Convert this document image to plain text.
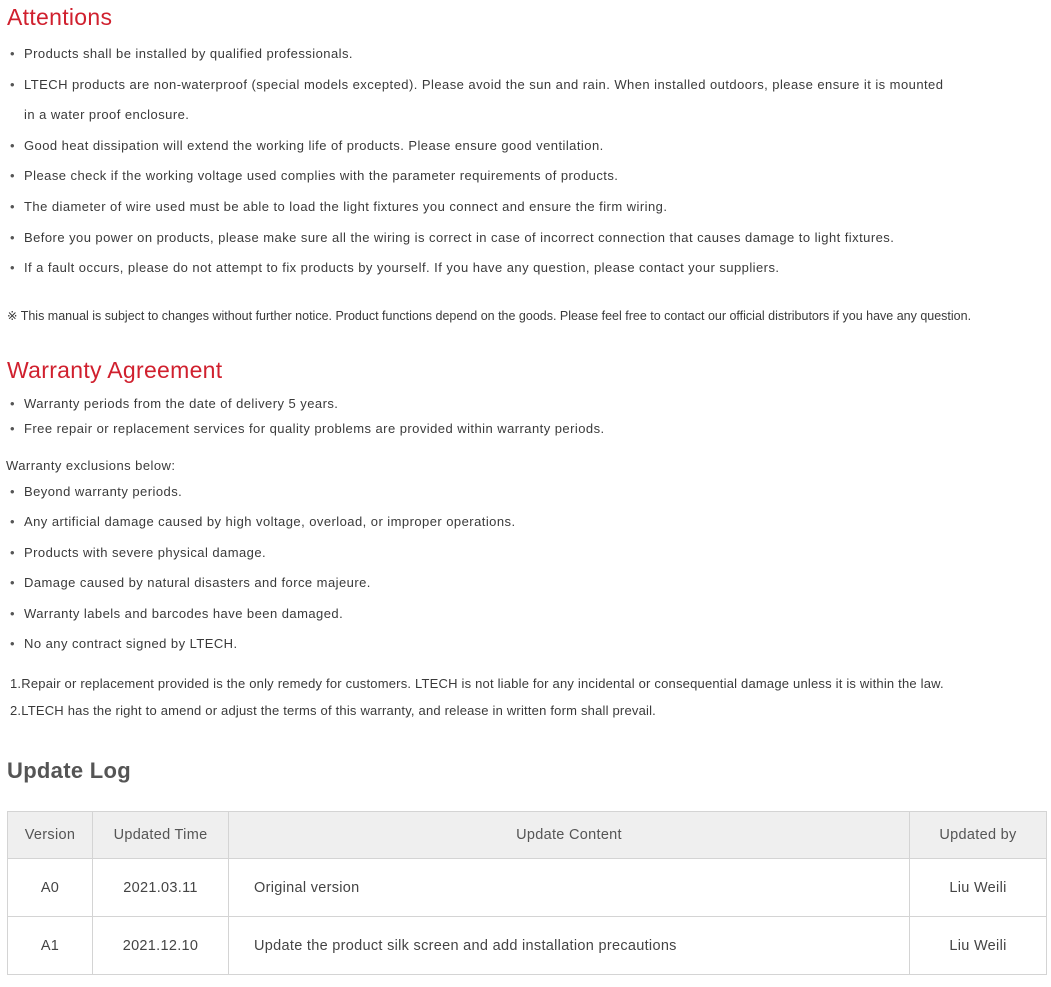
Attentions
• Products shall be installed by qualified professionals.
• LTECH products are non-waterproof (special models excepted). Please avoid the sun and rain. When installed outdoors, please ensure it is mounted
in a water proof enclosure.
• Good heat dissipation will extend the working life of products. Please ensure good ventilation.
• Please check if the working voltage used complies with the parameter requirements of products.
• The diameter of wire used must be able to load the light fixtures you connect and ensure the firm wiring.
• Before you power on products, please make sure all the wiring is correct in case of incorrect connection that causes damage to light fixtures.
• If a fault occurs, please do not attempt to fix products by yourself. If you have any question, please contact your suppliers.

※ This manual is subject to changes without further notice. Product functions depend on the goods. Please feel free to contact our official distributors if you have any question.

Warranty Agreement
• Warranty periods from the date of delivery 5 years.
• Free repair or replacement services for quality problems are provided within warranty periods.

Warranty exclusions below:

• Beyond warranty periods.
• Any artificial damage caused by high voltage, overload, or improper operations.
• Products with severe physical damage.
• Damage caused by natural disasters and force majeure.
• Warranty labels and barcodes have been damaged.
• No any contract signed by LTECH.

1.Repair or replacement provided is the only remedy for customers. LTECH is not liable for any incidental or consequential damage unless it is within the law.

2.LTECH has the right to amend or adjust the terms of this warranty, and release in written form shall prevail.

Update Log
Version	Updated Time	Update Content	Updated by
A0	2021.03.11	Original version	Liu Weili
A1	2021.12.10	Update the product silk screen and add installation precautions	Liu Weili
